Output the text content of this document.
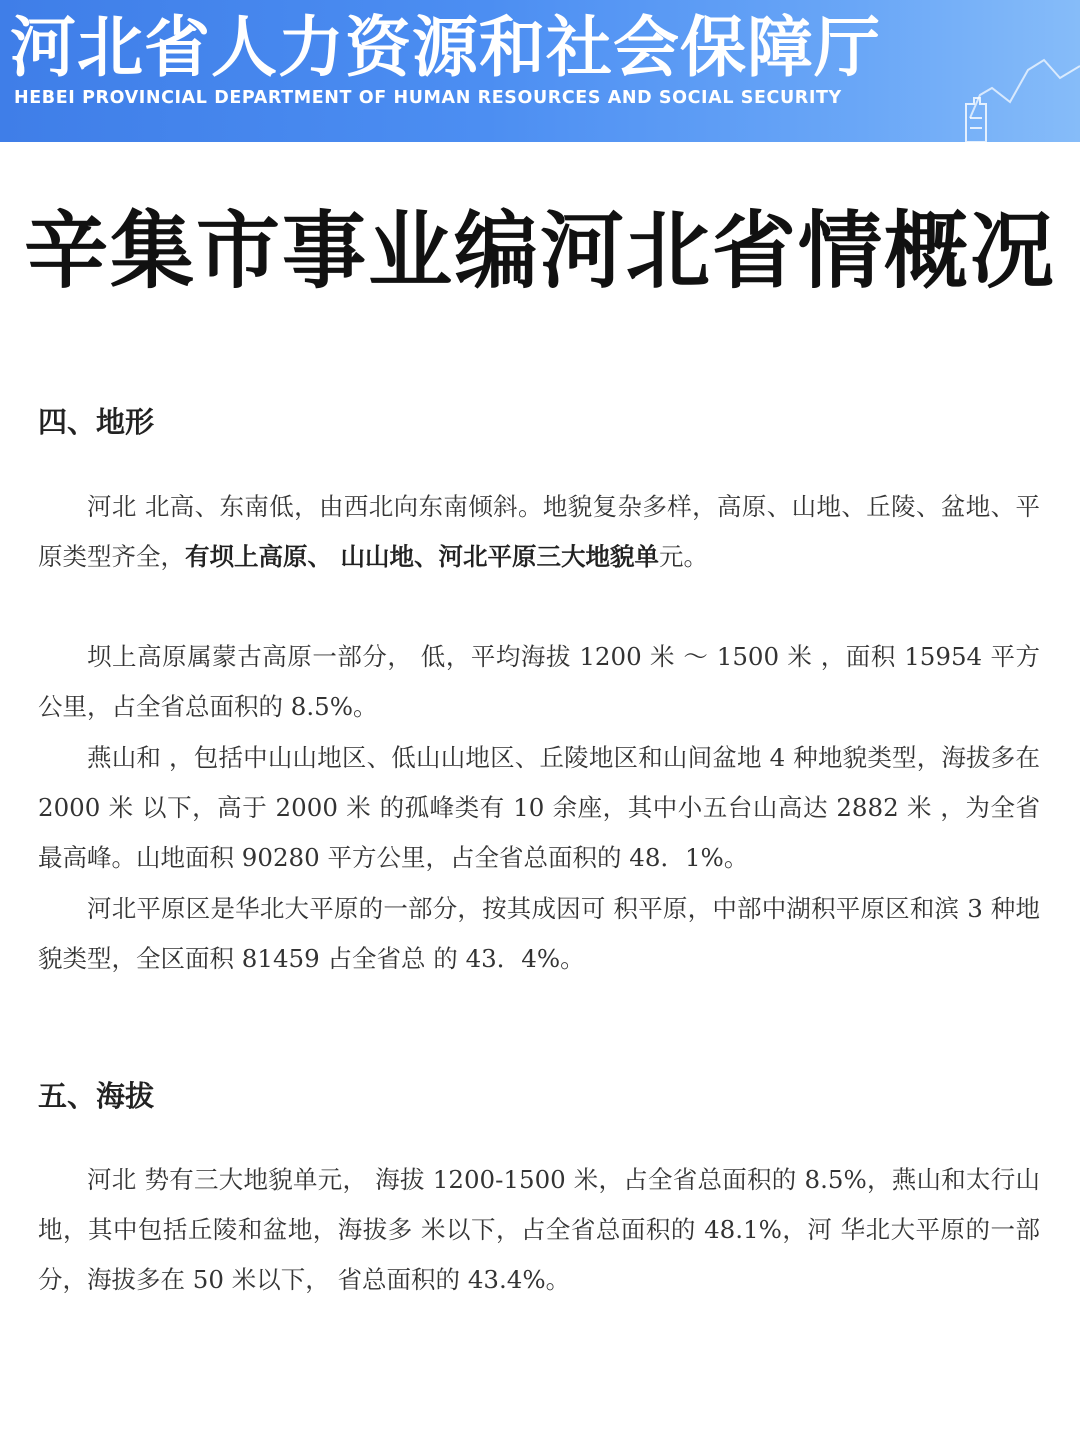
河北省人力资源和社会保障厅
HEBEI PROVINCIAL DEPARTMENT OF HUMAN RESOURCES AND SOCIAL SECURITY
辛集市事业编河北省情概况
四、地形

河北 北高、东南低，由西北向东南倾斜。地貌复杂多样，高原、山地、丘陵、盆地、平原类型齐全，有坝上高原、 山山地、河北平原三大地貌单元。

坝上高原属蒙古高原一部分， 低，平均海拔 1200 米 ～ 1500 米 ，面积 15954 平方公里，占全省总面积的 8.5%。

燕山和 ，包括中山山地区、低山山地区、丘陵地区和山间盆地 4 种地貌类型，海拔多在 2000 米 以下，高于 2000 米 的孤峰类有 10 余座，其中小五台山高达 2882 米 ，为全省最高峰。山地面积 90280 平方公里，占全省总面积的 48．1%。

河北平原区是华北大平原的一部分，按其成因可 积平原，中部中湖积平原区和滨 3 种地貌类型，全区面积 81459 占全省总 的 43．4%。

五、海拔

河北 势有三大地貌单元， 海拔 1200-1500 米，占全省总面积的 8.5%，燕山和太行山地，其中包括丘陵和盆地，海拔多 米以下，占全省总面积的 48.1%，河 华北大平原的一部分，海拔多在 50 米以下， 省总面积的 43.4%。
